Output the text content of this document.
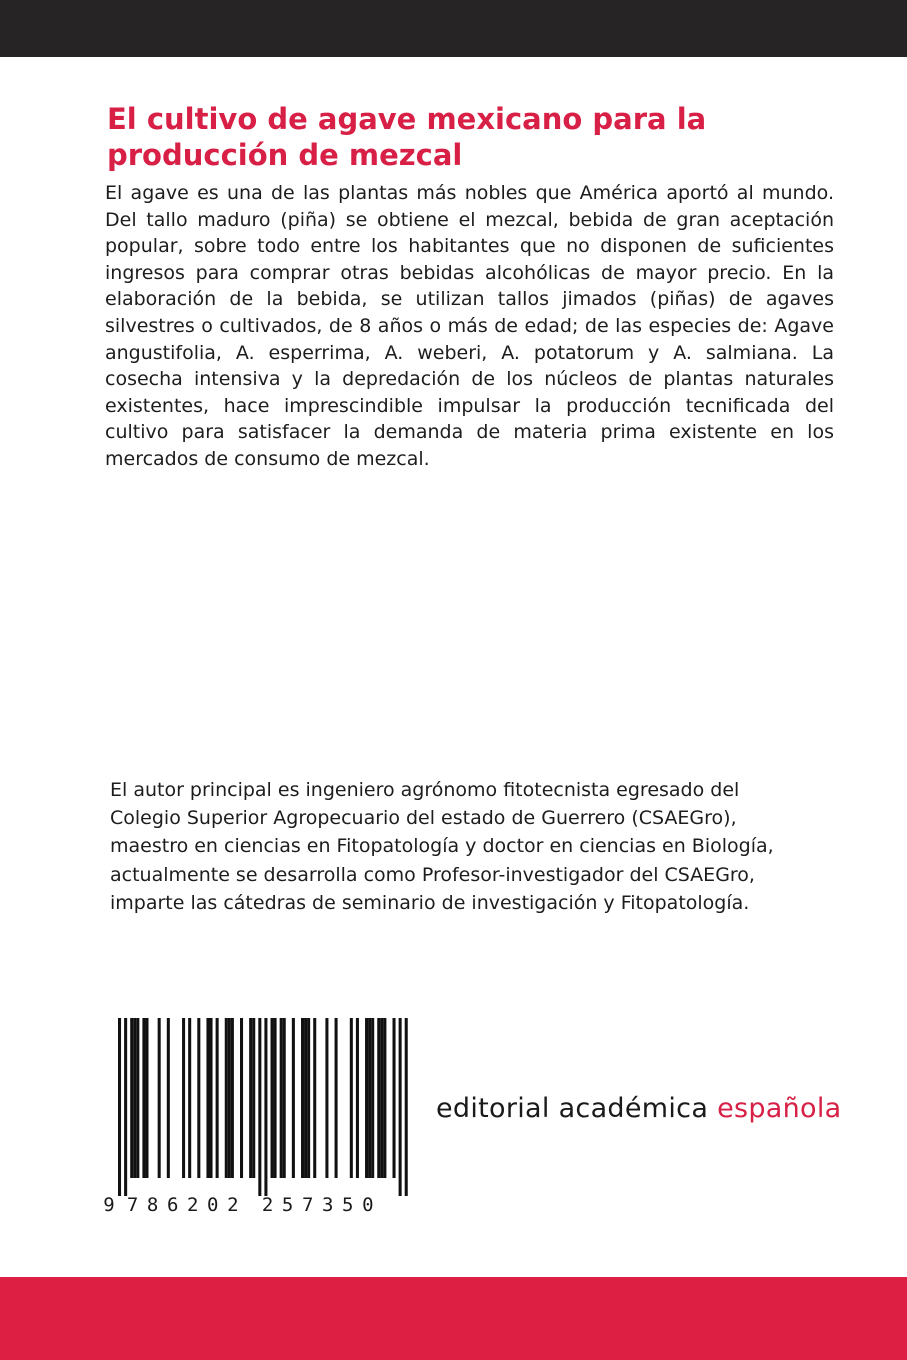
El cultivo de agave mexicano para la producción de mezcal

El agave es una de las plantas más nobles que América aportó al mundo. Del tallo maduro (piña) se obtiene el mezcal, bebida de gran aceptación popular, sobre todo entre los habitantes que no disponen de suficientes ingresos para comprar otras bebidas alcohólicas de mayor precio. En la elaboración de la bebida, se utilizan tallos jimados (piñas) de agaves silvestres o cultivados, de 8 años o más de edad; de las especies de: Agave angustifolia, A. esperrima, A. weberi, A. potatorum y A. salmiana. La cosecha intensiva y la depredación de los núcleos de plantas naturales existentes, hace imprescindible impulsar la producción tecnificada del cultivo para satisfacer la demanda de materia prima existente en los mercados de consumo de mezcal.

El autor principal es ingeniero agrónomo fitotecnista egresado del
Colegio Superior Agropecuario del estado de Guerrero (CSAEGro),
maestro en ciencias en Fitopatología y doctor en ciencias en Biología,
actualmente se desarrolla como Profesor-investigador del CSAEGro,
imparte las cátedras de seminario de investigación y Fitopatología.
9 786202 257350
editorial académica española
